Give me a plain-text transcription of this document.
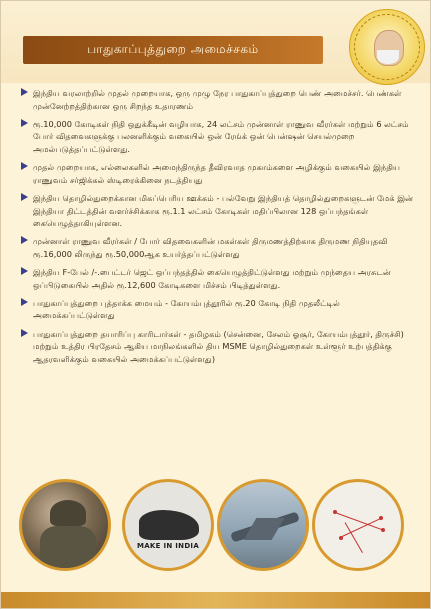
பாதுகாப்புத்துறை அமைச்சகம்
இந்திய வரலாற்றில் முதல் முறையாக, ஒரு முழு நேர பாதுகாப்புத்துறை பெண் அமைச்சர். பெண்கள் முன்னேற்றத்திற்கான ஒரு சிறந்த உதாரணம்
ரூ.10,000 கோடிகள் நிதி ஒதுக்கீடின் வழியாக, 24 லட்சம் முன்னாள் ராணுவ வீரர்கள் மற்றும் 6 லட்சம் போர் விதவைகளுக்கு பலனளிக்கும் வகையில் ஒன் ரேங்க் ஒன் பென்ஷன் செயல்முறை அமல்படுத்தப்பட்டுள்ளது.
முதல் முறையாக, எல்லைகளில் அமைந்திருந்த தீவிரவாத முகாம்களை அழிக்கும் வகையில் இந்திய ராணுவம் சர்ஜிக்கல் ஸ்டிரைக்கினை நடத்தியது
இந்திய தொழில்துறைக்கான மிகப்பெரிய ஊக்கம் - பல்வேறு இந்தியத் தொழில்துறைகளுடன் மேக் இன் இந்தியா திட்டத்தின் வளர்ச்சிக்காக ரூ.1.1 லட்சம் கோடிகள் மதிப்பிலான 128 ஒப்பந்தங்கள் கையெழுத்தாகியுள்ளன.
முன்னாள் ராணுவ வீரர்கள் / போர் விதவைகளின் மகள்கள் திருமணத்திற்காக திருமண நிதியுதவி ரூ.16,000 லிருந்து ரூ.50,000ஆக உயர்த்தப்பட்டுள்ளது
இந்திய F-பேல் /-.பைட்டர் ஜெட் ஒப்பந்தத்தில் கையெழுத்திட்டுள்ளது மற்றும் முந்தைய அரசுடன் ஒப்பிடுகையில் அதில் ரூ.12,600 கோடிகளை மிச்சம் பிடித்துள்ளது.
பாதுகாப்புத்துறை புத்தாக்க மையம் - கோயம்புத்தூரில் ரூ.20 கோடி நிதி முதலீட்டில் அமைக்கப்பட்டுள்ளது
பாதுகாப்புத்துறை தயாரிப்பு காரிடார்கள் - தமிழகம் (சென்னை, சேலம் ஓசூர், கோயம்புத்தூர், திருச்சி) மற்றும் உத்திர பிரதேசம் ஆகிய மாநிலங்களில் திய MSME தொழில்துறைகள் உள்ளூர் உற்பத்திக்கு ஆதரவளிக்கும் வகையில் அமைக்கப்பட்டுள்ளது)
MAKE IN INDIA
